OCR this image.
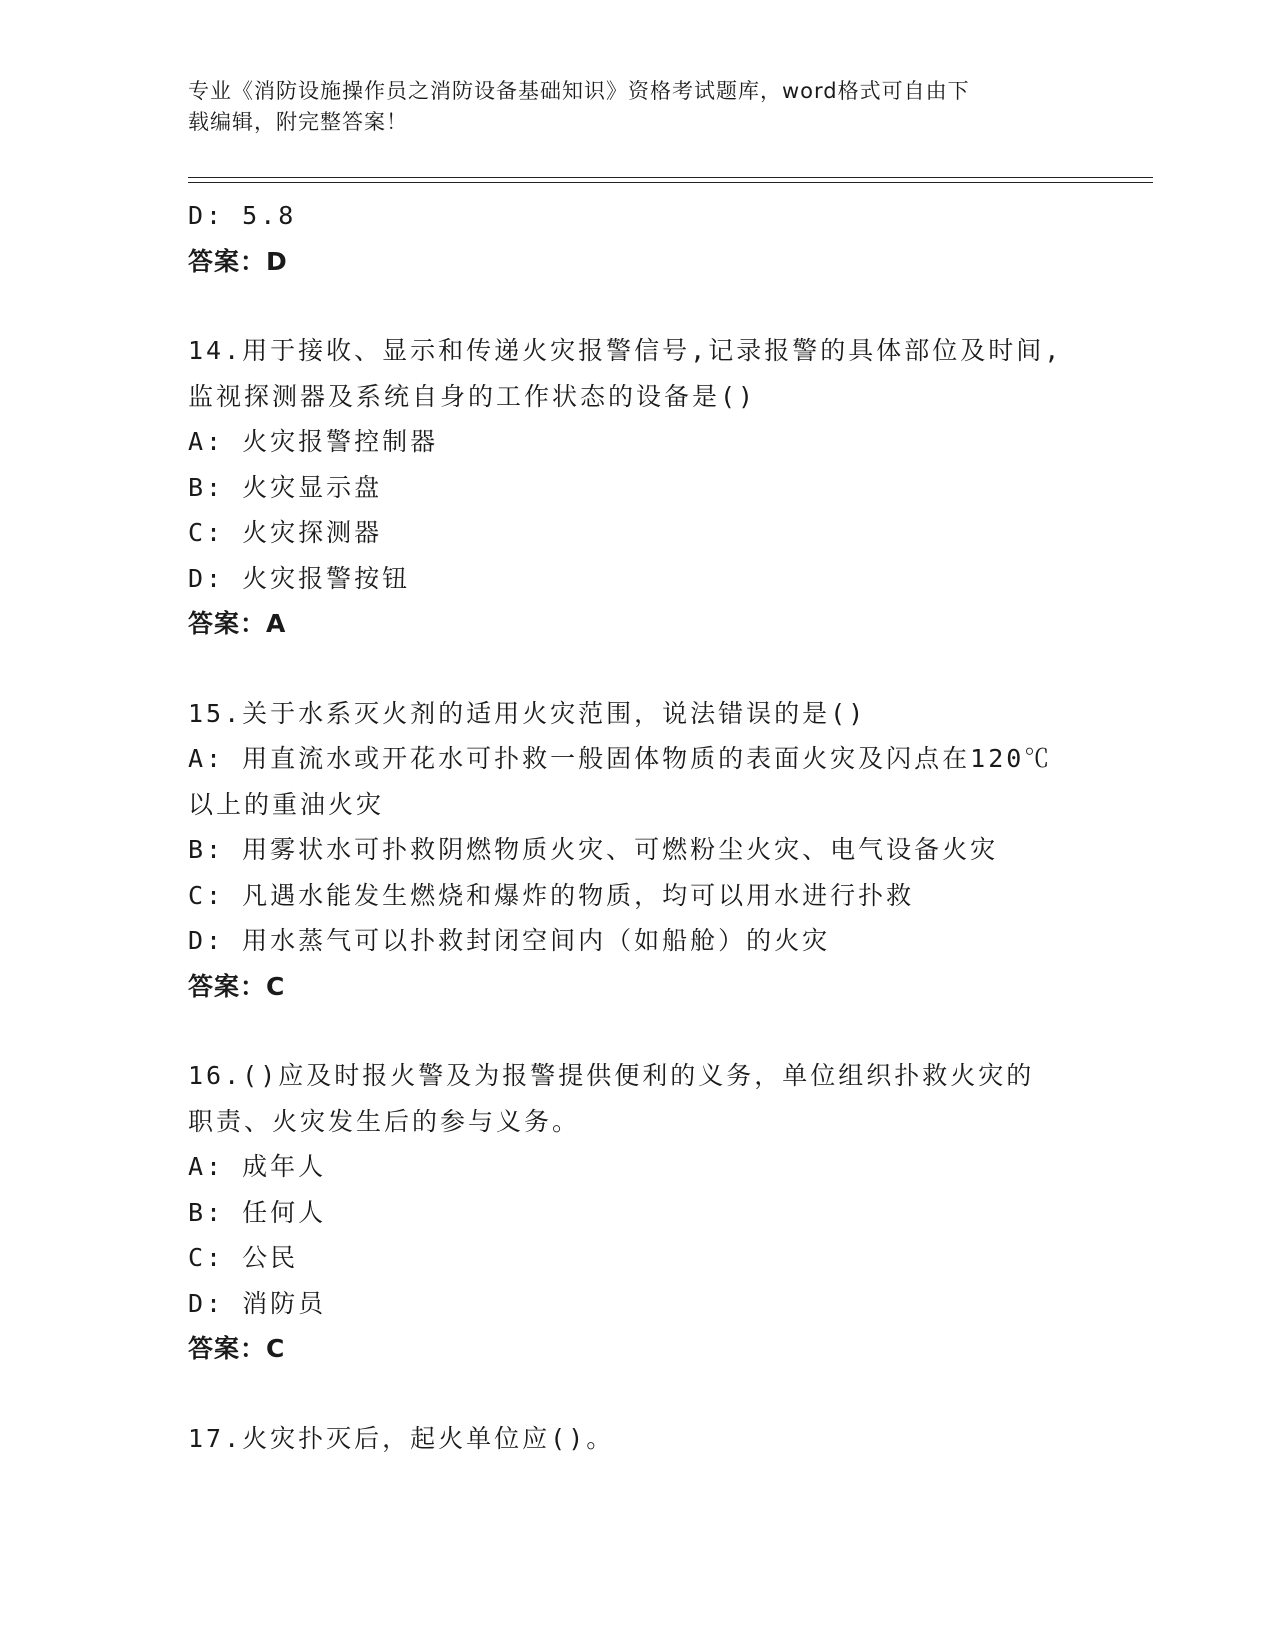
专业《消防设施操作员之消防设备基础知识》资格考试题库，word格式可自由下
载编辑，附完整答案！
D: 5.8
答案：D
14.用于接收、显示和传递火灾报警信号,记录报警的具体部位及时间,
监视探测器及系统自身的工作状态的设备是()
A: 火灾报警控制器
B: 火灾显示盘
C: 火灾探测器
D: 火灾报警按钮
答案：A
15.关于水系灭火剂的适用火灾范围，说法错误的是()
A: 用直流水或开花水可扑救一般固体物质的表面火灾及闪点在120℃
以上的重油火灾
B: 用雾状水可扑救阴燃物质火灾、可燃粉尘火灾、电气设备火灾
C: 凡遇水能发生燃烧和爆炸的物质，均可以用水进行扑救
D: 用水蒸气可以扑救封闭空间内（如船舱）的火灾
答案：C
16.()应及时报火警及为报警提供便利的义务，单位组织扑救火灾的
职责、火灾发生后的参与义务。
A: 成年人
B: 任何人
C: 公民
D: 消防员
答案：C
17.火灾扑灭后，起火单位应()。
